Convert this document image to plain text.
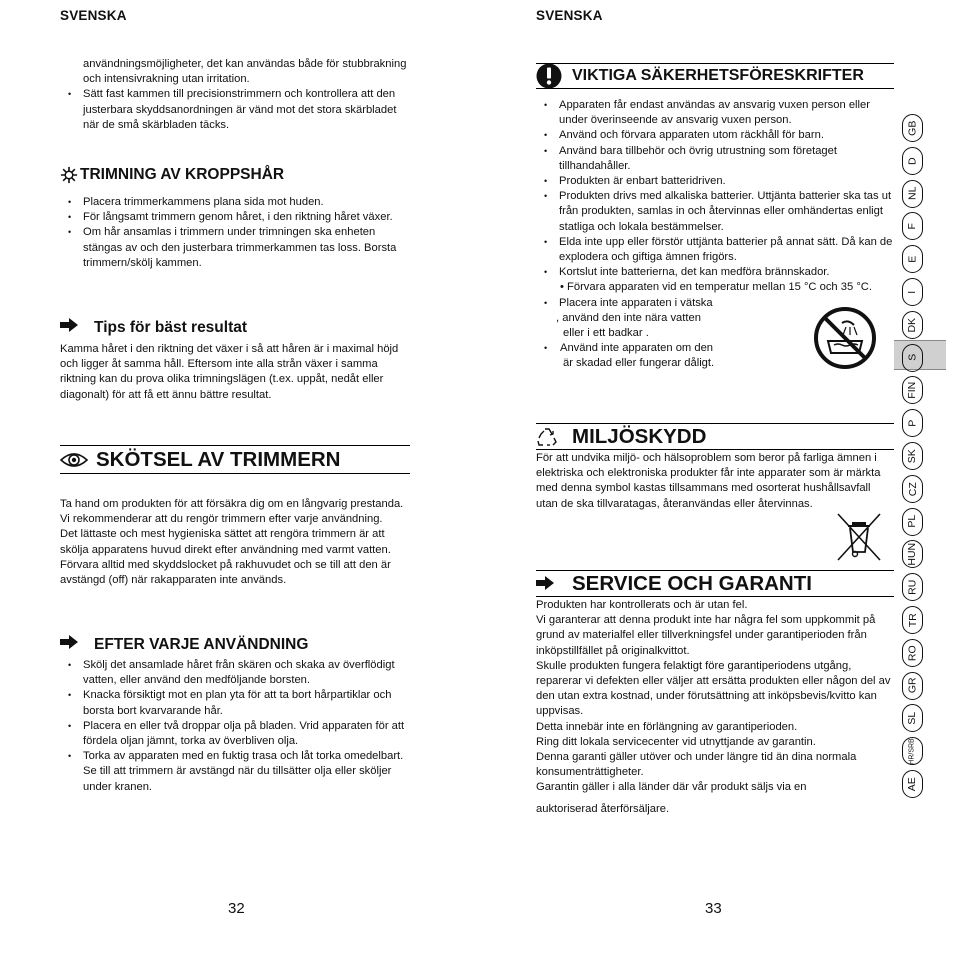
SVENSKA

användningsmöjligheter, det kan användas både för stubbrakning och intensivrakning utan irritation.

• Sätt fast kammen till precisionstrimmern och kontrollera att den justerbara skyddsanordningen är vänd mot det stora skärbladet när de små skärbladen tācks.
TRIMNING AV KROPPSHÅR
• Placera trimmerkammens plana sida mot huden.
• För långsamt trimmern genom håret, i den riktning håret växer.
• Om hår ansamlas i trimmern under trimningen ska enheten stängas av och den justerbara trimmerkammen tas loss. Borsta trimmern/skölj kammen.
Tips för bäst resultat

Kamma håret i den riktning det växer i så att håren är i maximal höjd och ligger åt samma håll. Eftersom inte alla strån växer i samma riktning kan du prova olika trimningslägen (t.ex. uppåt, nedåt eller diagonalt) för att få ett ännu bättre resultat.

SKÖTSEL AV TRIMMERN

Ta hand om produkten för att försäkra dig om en långvarig prestanda. Vi rekommenderar att du rengör trimmern efter varje användning.

Det lättaste och mest hygieniska sättet att rengöra trimmern är att skölja apparatens huvud direkt efter användning med varmt vatten. Förvara alltid med skyddslocket på rakhuvudet och se till att den är avstängd (off) när rakapparaten inte används.

EFTER VARJE ANVÄNDNING
• Skölj det ansamlade håret från skären och skaka av överflödigt vatten, eller använd den medföljande borsten.
• Knacka försiktigt mot en plan yta för att ta bort hårpartiklar och borsta bort kvarvarande hår.
• Placera en eller två droppar olja på bladen. Vrid apparaten för att fördela oljan jämnt, torka av överbliven olja.
• Torka av apparaten med en fuktig trasa och låt torka omedelbart.

Se till att trimmern är avstängd när du tillsätter olja eller sköljer under kranen.

32
SVENSKA
VIKTIGA SÄKERHETSFÖRESKRIFTER
• Apparaten får endast användas av ansvarig vuxen person eller under överinseende av ansvarig vuxen person.
• Använd och förvara apparaten utom räckhåll för barn.
• Använd bara tillbehör och övrig utrustning som företaget tillhandahåller.
• Produkten är enbart batteridriven.
• Produkten drivs med alkaliska batterier. Uttjänta batterier ska tas ut från produkten, samlas in och återvinnas eller omhändertas enligt statliga och lokala bestämmelser.
• Elda inte upp eller förstör uttjänta batterier på annat sätt. Då kan de explodera och giftiga ämnen frigörs.
• Kortslut inte batterierna, det kan medföra brännskador.

• Förvara apparaten vid en temperatur mellan 15 °C och 35 °C.

• Placera inte apparaten i vätska

, använd den inte nära vatten

eller i ett badkar .

• Använd inte apparaten om den

är skadad eller fungerar dåligt.

MILJÖSKYDD

För att undvika miljö- och hälsoproblem som beror på farliga ämnen i elektriska och elektroniska produkter får inte apparater som är märkta med denna symbol kastas tillsammans med osorterat hushållsavfall utan de ska tillvaratagas, återanvändas eller återvinnas.

SERVICE OCH GARANTI

Produkten har kontrollerats och är utan fel.

Vi garanterar att denna produkt inte har några fel som uppkommit på grund av materialfel eller tillverkningsfel under garantiperioden från inköpstillfället på originalkvittot.

Skulle produkten fungera felaktigt före garantiperiodens utgång, reparerar vi defekten eller väljer att ersätta produkten eller någon del av den utan extra kostnad, under förutsättning att inköpsbevis/kvitto kan uppvisas.

Detta innebär inte en förlängning av garantiperioden.

Ring ditt lokala servicecenter vid utnyttjande av garantin.

Denna garanti gäller utöver och under längre tid än dina normala konsumenträttigheter.

Garantin gäller i alla länder där vår produkt säljs via en

auktoriserad återförsäljare.

33
GB
D
NL
F
E
I
DK
S
FIN
P
SK
CZ
PL
HUN
RU
TR
RO
GR
SL
HR/SRB
AE
